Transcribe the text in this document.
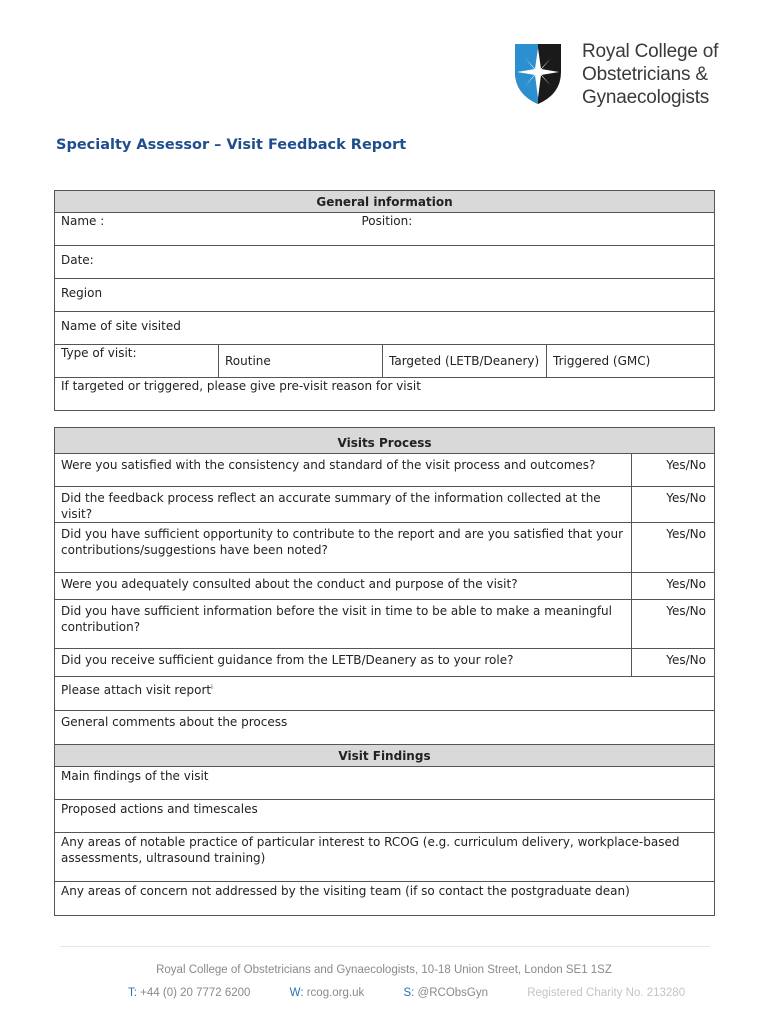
Royal College of
Obstetricians &
Gynaecologists
Specialty Assessor – Visit Feedback Report
General information
Name :	Position:

Date:
Region
Name of site visited
Type of visit:	Routine	Targeted (LETB/Deanery)	Triggered (GMC)
If targeted or triggered, please give pre-visit reason for visit
Visits Process	
Were you satisfied with the consistency and standard of the visit process and outcomes?	Yes/No
Did the feedback process reflect an accurate summary of the information collected at the visit?	Yes/No
Did you have sufficient opportunity to contribute to the report and are you satisfied that your contributions/suggestions have been noted?	Yes/No
Were you adequately consulted about the conduct and purpose of the visit?	Yes/No
Did you have sufficient information before the visit in time to be able to make a meaningful contribution?	Yes/No
Did you receive sufficient guidance from the LETB/Deanery as to your role?	Yes/No
Please attach visit report$^i$
General comments about the process	
Visit Findings	
Main findings of the visit	
Proposed actions and timescales	
Any areas of notable practice of particular interest to RCOG (e.g. curriculum delivery, workplace-based assessments, ultrasound training)	
Any areas of concern not addressed by the visiting team (if so contact the postgraduate dean)	
Royal College of Obstetricians and Gynaecologists, 10-18 Union Street, London SE1 1SZ
T: +44 (0) 20 7772 6200	W: rcog.org.uk	S: @RCObsGyn	Registered Charity No. 213280
